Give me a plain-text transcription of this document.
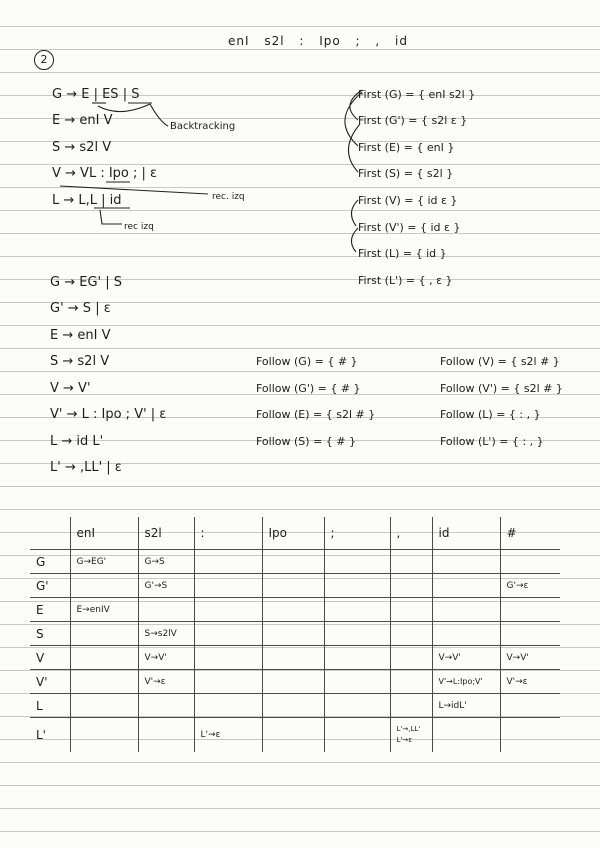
enI s2l : Ipo ; , id
2
G → E | ES | S
E → enI V
S → s2l V
V → VL : Ipo ; | ε
L → L,L | id
Backtracking
rec. izq
rec izq
First (G) = { enI s2l }
First (G') = { s2l ε }
First (E) = { enI }
First (S) = { s2l }
First (V) = { id ε }
First (V') = { id ε }
First (L) = { id }
First (L') = { , ε }
G → EG' | S
G' → S | ε
E → enI V
S → s2l V
V → V'
V' → L : Ipo ; V' | ε
L → id L'
L' → ,LL' | ε
Follow (G) = { # }
Follow (G') = { # }
Follow (E) = { s2l # }
Follow (S) = { # }
Follow (V) = { s2l # }
Follow (V') = { s2l # }
Follow (L) = { : , }
Follow (L') = { : , }
	enI	s2l	:	Ipo	;	,	id	#
G	G→EG'	G→S						
G'		G'→S						G'→ε
E	E→enIV							
S		S→s2lV						
V		V→V'					V→V'	V→V'
V'		V'→ε					V'→L:Ipo;V'	V'→ε
L							L→idL'	
L'			L'→ε			L'→,LL' L'→ε		
